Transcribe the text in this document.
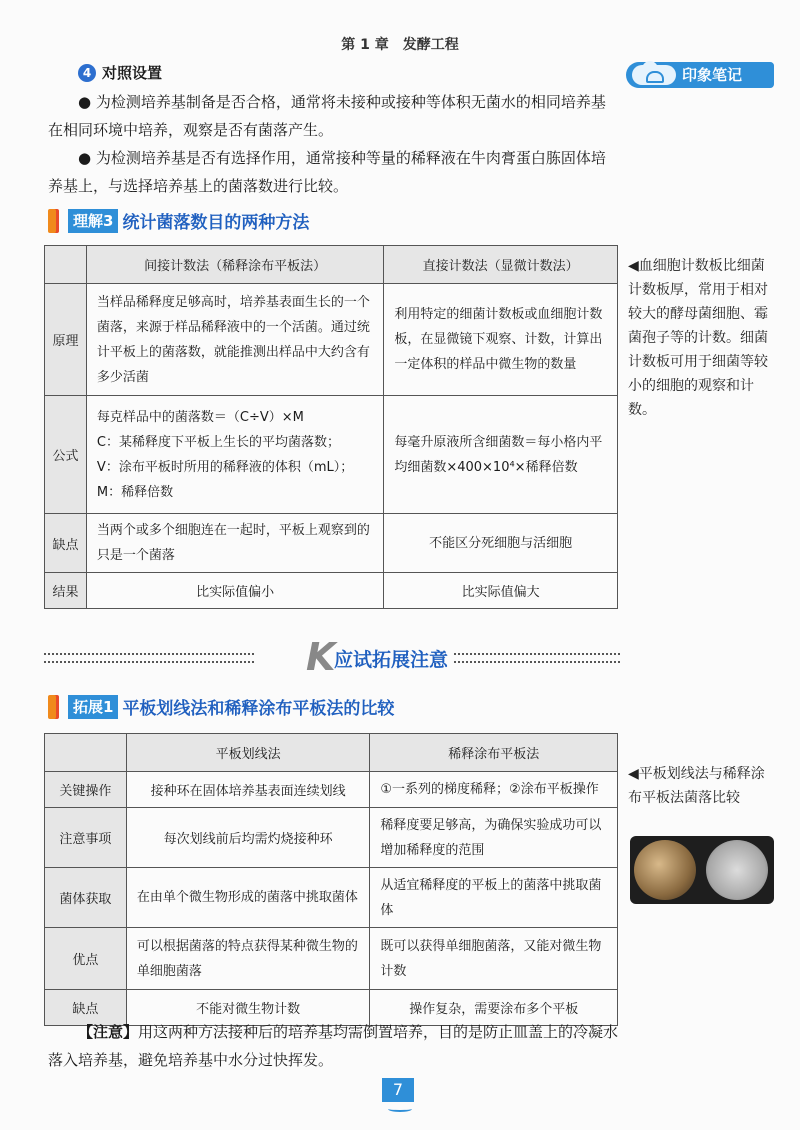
第 1 章　发酵工程
印象笔记
4 对照设置
● 为检测培养基制备是否合格，通常将未接种或接种等体积无菌水的相同培养基在相同环境中培养，观察是否有菌落产生。
● 为检测培养基是否有选择作用，通常接种等量的稀释液在牛肉膏蛋白胨固体培养基上，与选择培养基上的菌落数进行比较。
理解3 统计菌落数目的两种方法
	间接计数法（稀释涂布平板法）	直接计数法（显微计数法）
原理	当样品稀释度足够高时，培养基表面生长的一个菌落，来源于样品稀释液中的一个活菌。通过统计平板上的菌落数，就能推测出样品中大约含有多少活菌	利用特定的细菌计数板或血细胞计数板，在显微镜下观察、计数，计算出一定体积的样品中微生物的数量
公式	每克样品中的菌落数＝（C÷V）×M
C：某稀释度下平板上生长的平均菌落数；
V：涂布平板时所用的稀释液的体积（mL）；
M：稀释倍数	每毫升原液所含细菌数＝每小格内平均细菌数×400×10⁴×稀释倍数
缺点	当两个或多个细胞连在一起时，平板上观察到的只是一个菌落	不能区分死细胞与活细胞
结果	比实际值偏小	比实际值偏大
◀血细胞计数板比细菌计数板厚，常用于相对较大的酵母菌细胞、霉菌孢子等的计数。细菌计数板可用于细菌等较小的细胞的观察和计数。
K
应试拓展注意
拓展1 平板划线法和稀释涂布平板法的比较
	平板划线法	稀释涂布平板法
关键操作	接种环在固体培养基表面连续划线	①一系列的梯度稀释；②涂布平板操作
注意事项	每次划线前后均需灼烧接种环	稀释度要足够高，为确保实验成功可以增加稀释度的范围
菌体获取	在由单个微生物形成的菌落中挑取菌体	从适宜稀释度的平板上的菌落中挑取菌体
优点	可以根据菌落的特点获得某种微生物的单细胞菌落	既可以获得单细胞菌落，又能对微生物计数
缺点	不能对微生物计数	操作复杂，需要涂布多个平板
◀平板划线法与稀释涂布平板法菌落比较
【注意】用这两种方法接种后的培养基均需倒置培养，目的是防止皿盖上的冷凝水落入培养基，避免培养基中水分过快挥发。
7
